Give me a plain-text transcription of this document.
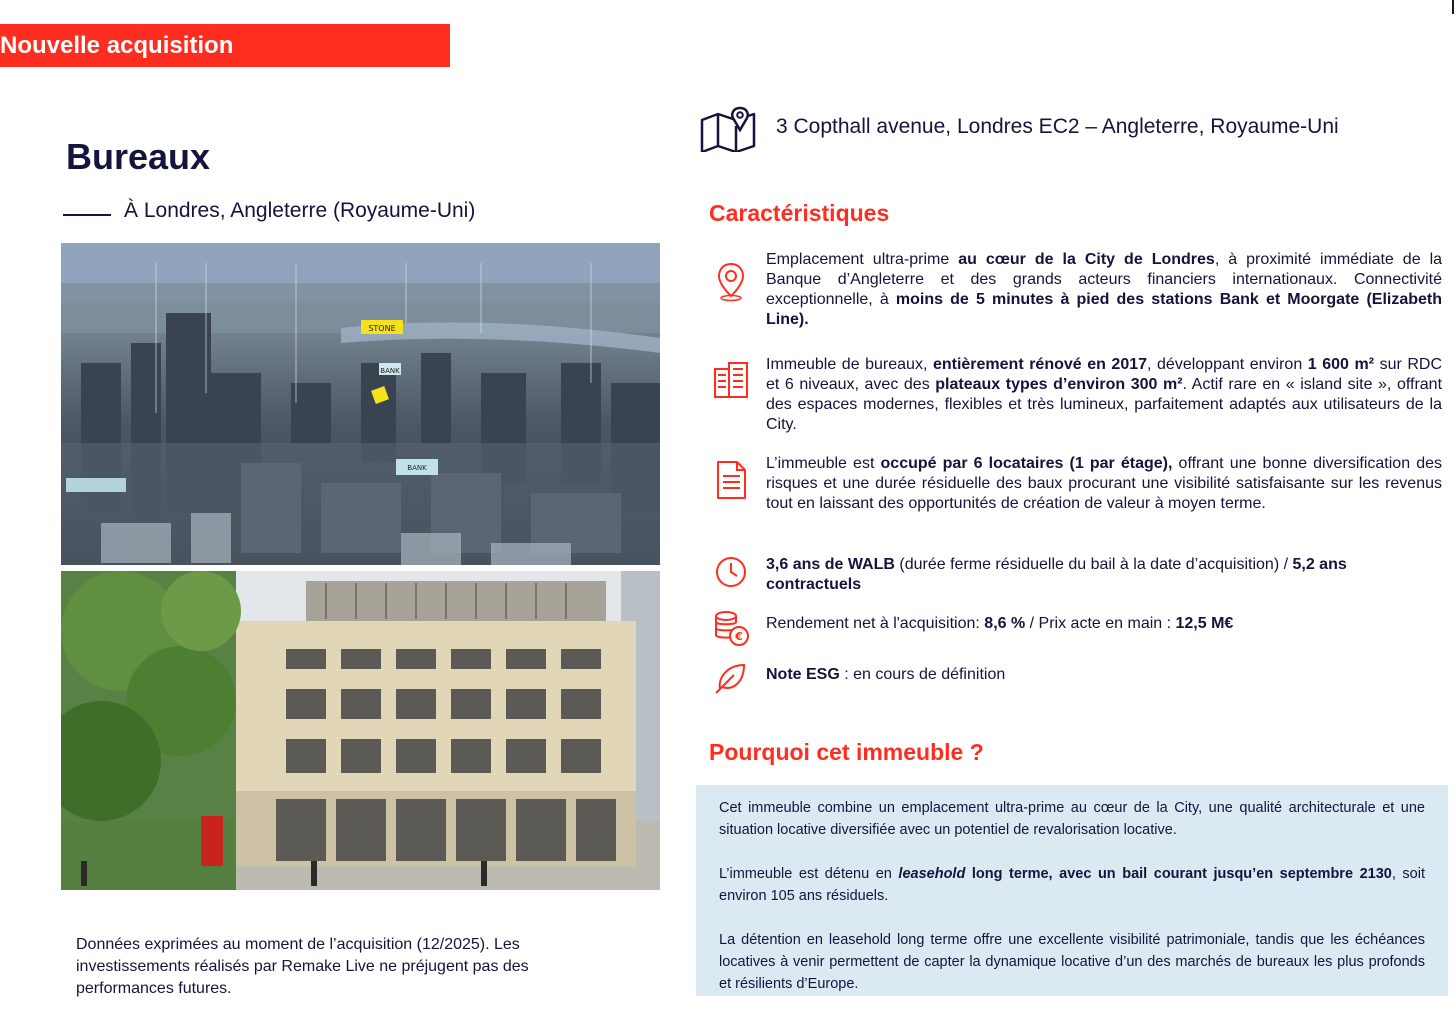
Nouvelle acquisition
Bureaux
À Londres, Angleterre (Royaume-Uni)
STONE
BANK
BANK

Données exprimées au moment de l’acquisition (12/2025). Les investissements réalisés par Remake Live ne préjugent pas des performances futures.

3 Copthall avenue, Londres EC2 – Angleterre, Royaume-Uni
Caractéristiques

Emplacement ultra-prime au cœur de la City de Londres, à proximité immédiate de la Banque d’Angleterre et des grands acteurs financiers internationaux. Connectivité exceptionnelle, à moins de 5 minutes à pied des stations Bank et Moorgate (Elizabeth Line).

Immeuble de bureaux, entièrement rénové en 2017, développant environ 1 600 m² sur RDC et 6 niveaux, avec des plateaux types d’environ 300 m². Actif rare en « island site », offrant des espaces modernes, flexibles et très lumineux, parfaitement adaptés aux utilisateurs de la City.

L’immeuble est occupé par 6 locataires (1 par étage), offrant une bonne diversification des risques et une durée résiduelle des baux procurant une visibilité satisfaisante sur les revenus tout en laissant des opportunités de création de valeur à moyen terme.

3,6 ans de WALB (durée ferme résiduelle du bail à la date d’acquisition) / 5,2 ans contractuels

€

Rendement net à l'acquisition: 8,6 % / Prix acte en main : 12,5 M€

Note ESG : en cours de définition

Pourquoi cet immeuble ?

Cet immeuble combine un emplacement ultra-prime au cœur de la City, une qualité architecturale et une situation locative diversifiée avec un potentiel de revalorisation locative.

L’immeuble est détenu en leasehold long terme, avec un bail courant jusqu’en septembre 2130, soit environ 105 ans résiduels.

La détention en leasehold long terme offre une excellente visibilité patrimoniale, tandis que les échéances locatives à venir permettent de capter la dynamique locative d’un des marchés de bureaux les plus profonds et résilients d’Europe.
